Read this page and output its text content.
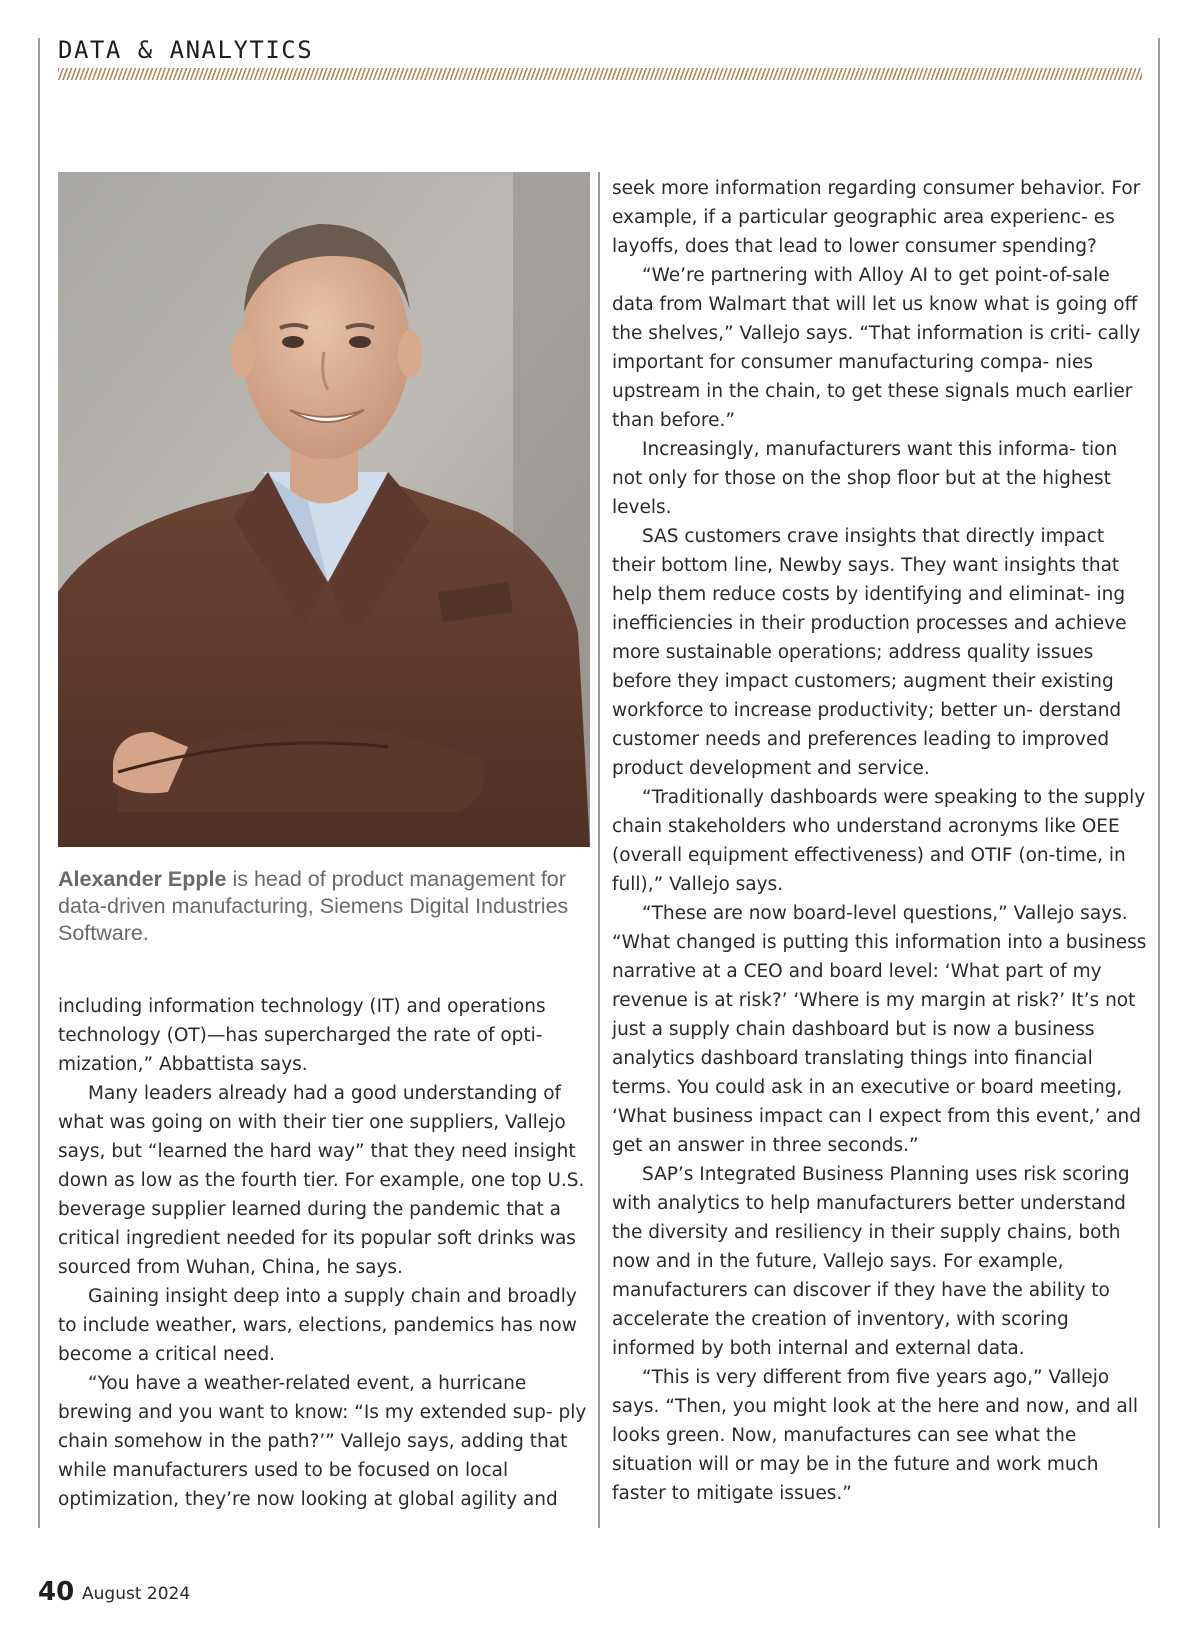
DATA & ANALYTICS

Alexander Epple is head of product management for data-driven manufacturing, Siemens Digital Industries Software.

including information technology (IT) and operations technology (OT)—has supercharged the rate of opti- mization,” Abbattista says.

Many leaders already had a good understanding of what was going on with their tier one suppliers, Vallejo says, but “learned the hard way” that they need insight down as low as the fourth tier. For example, one top U.S. beverage supplier learned during the pandemic that a critical ingredient needed for its popular soft drinks was sourced from Wuhan, China, he says.

Gaining insight deep into a supply chain and broadly to include weather, wars, elections, pandemics has now become a critical need.

“You have a weather-related event, a hurricane brewing and you want to know: “Is my extended sup- ply chain somehow in the path?’” Vallejo says, adding that while manufacturers used to be focused on local optimization, they’re now looking at global agility and

seek more information regarding consumer behavior. For example, if a particular geographic area experienc- es layoffs, does that lead to lower consumer spending?

“We’re partnering with Alloy AI to get point-of-sale data from Walmart that will let us know what is going off the shelves,” Vallejo says. “That information is criti- cally important for consumer manufacturing compa- nies upstream in the chain, to get these signals much earlier than before.”

Increasingly, manufacturers want this informa- tion not only for those on the shop floor but at the highest levels.

SAS customers crave insights that directly impact their bottom line, Newby says. They want insights that help them reduce costs by identifying and eliminat- ing inefficiencies in their production processes and achieve more sustainable operations; address quality issues before they impact customers; augment their existing workforce to increase productivity; better un- derstand customer needs and preferences leading to improved product development and service.

“Traditionally dashboards were speaking to the supply chain stakeholders who understand acronyms like OEE (overall equipment effectiveness) and OTIF (on-time, in full),” Vallejo says.

“These are now board-level questions,” Vallejo says. “What changed is putting this information into a business narrative at a CEO and board level: ‘What part of my revenue is at risk?’ ‘Where is my margin at risk?’ It’s not just a supply chain dashboard but is now a business analytics dashboard translating things into financial terms. You could ask in an executive or board meeting, ‘What business impact can I expect from this event,’ and get an answer in three seconds.”

SAP’s Integrated Business Planning uses risk scoring with analytics to help manufacturers better understand the diversity and resiliency in their supply chains, both now and in the future, Vallejo says. For example, manufacturers can discover if they have the ability to accelerate the creation of inventory, with scoring informed by both internal and external data.

“This is very different from five years ago,” Vallejo says. “Then, you might look at the here and now, and all looks green. Now, manufactures can see what the situation will or may be in the future and work much faster to mitigate issues.”

40 August 2024
